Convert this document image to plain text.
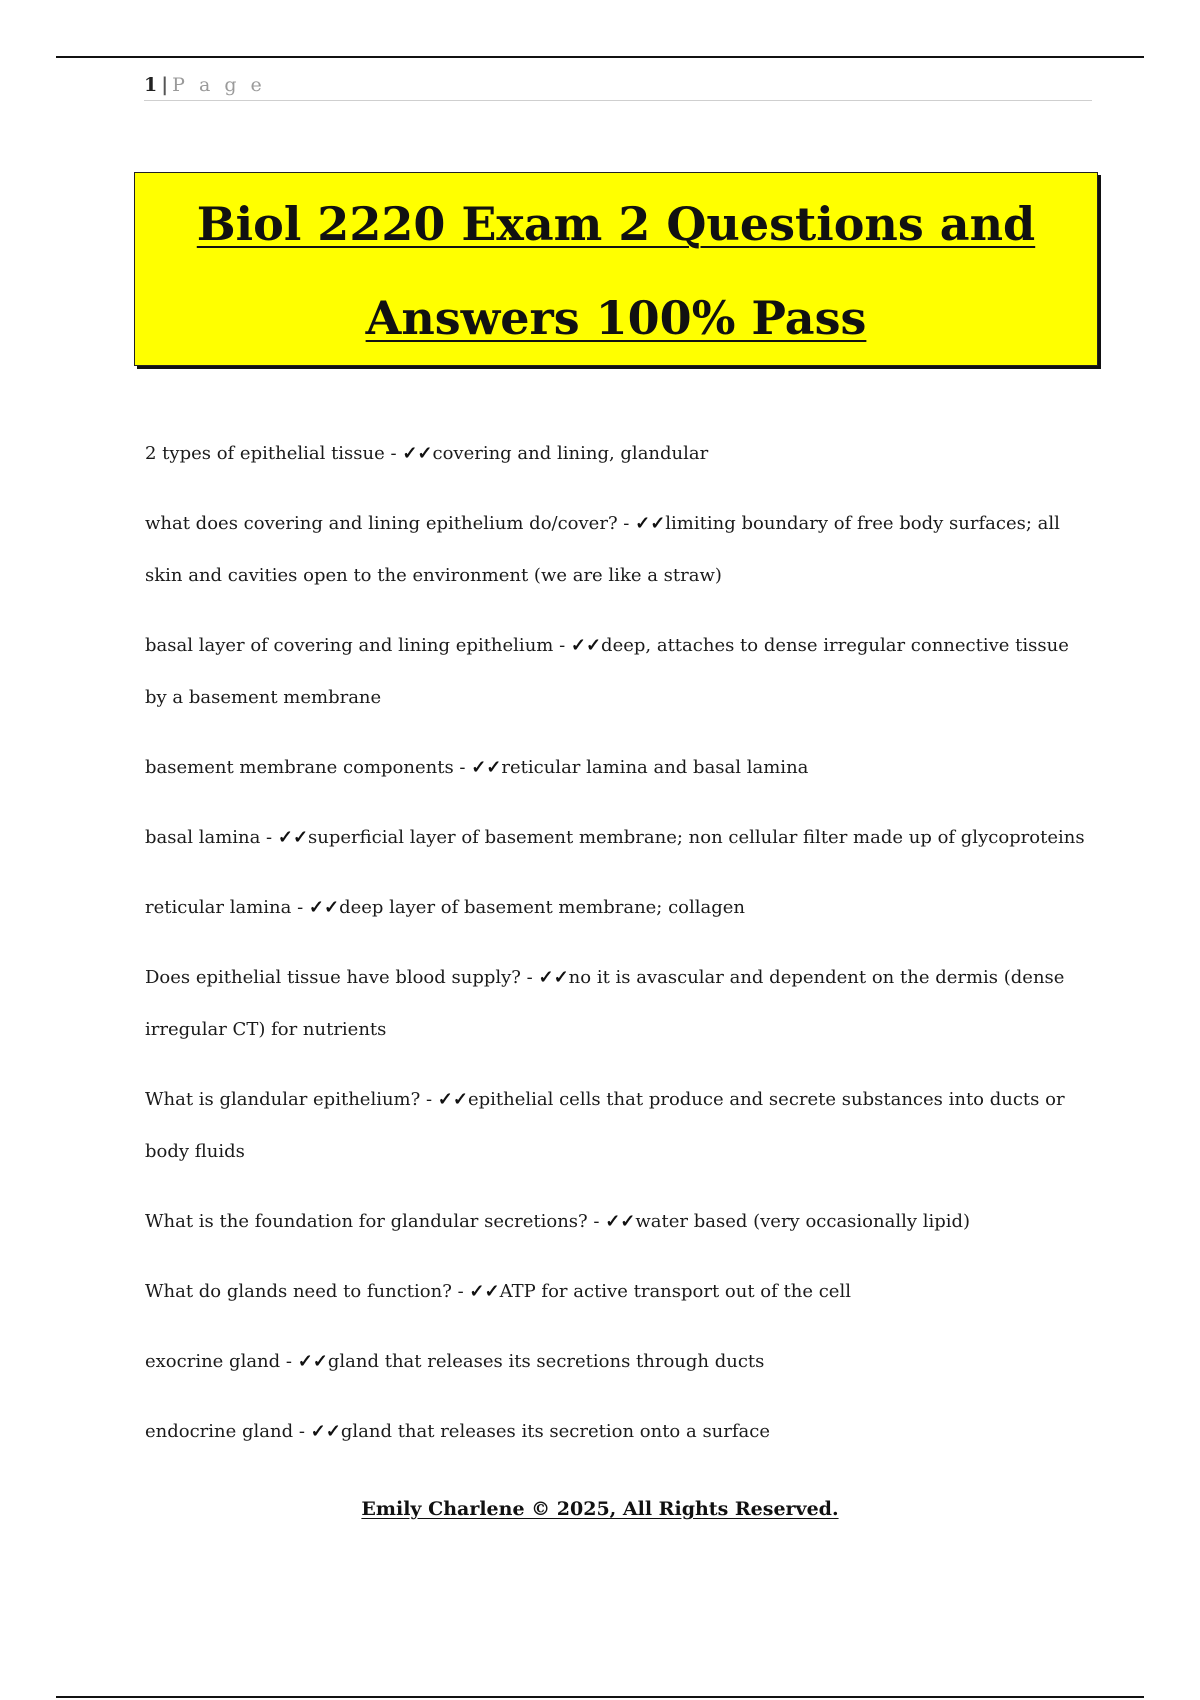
1 | P a g e
Biol 2220 Exam 2 Questions and
Answers 100% Pass

2 types of epithelial tissue - ✓✓covering and lining, glandular

what does covering and lining epithelium do/cover? - ✓✓limiting boundary of free body surfaces; all skin and cavities open to the environment (we are like a straw)

basal layer of covering and lining epithelium - ✓✓deep, attaches to dense irregular connective tissue by a basement membrane

basement membrane components - ✓✓reticular lamina and basal lamina

basal lamina - ✓✓superficial layer of basement membrane; non cellular filter made up of glycoproteins

reticular lamina - ✓✓deep layer of basement membrane; collagen

Does epithelial tissue have blood supply? - ✓✓no it is avascular and dependent on the dermis (dense irregular CT) for nutrients

What is glandular epithelium? - ✓✓epithelial cells that produce and secrete substances into ducts or body fluids

What is the foundation for glandular secretions? - ✓✓water based (very occasionally lipid)

What do glands need to function? - ✓✓ATP for active transport out of the cell

exocrine gland - ✓✓gland that releases its secretions through ducts

endocrine gland - ✓✓gland that releases its secretion onto a surface

Emily Charlene © 2025, All Rights Reserved.
